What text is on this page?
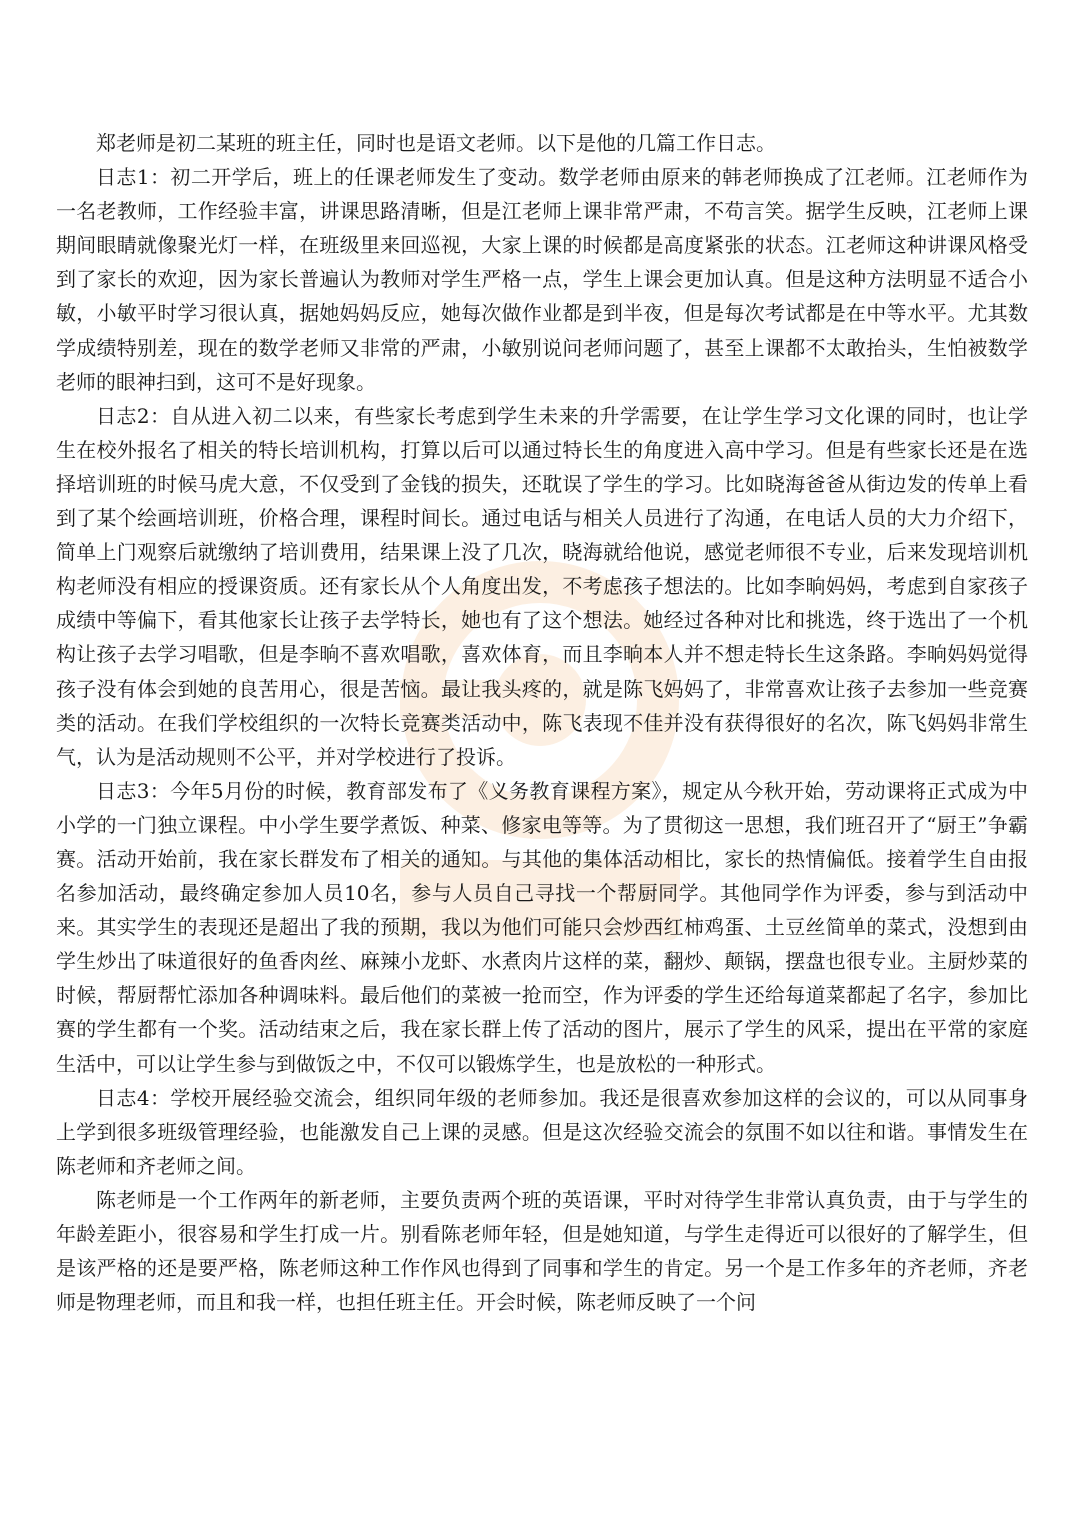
郑老师是初二某班的班主任，同时也是语文老师。以下是他的几篇工作日志。

日志1：初二开学后，班上的任课老师发生了变动。数学老师由原来的韩老师换成了江老师。江老师作为一名老教师，工作经验丰富，讲课思路清晰，但是江老师上课非常严肃，不苟言笑。据学生反映，江老师上课期间眼睛就像聚光灯一样，在班级里来回巡视，大家上课的时候都是高度紧张的状态。江老师这种讲课风格受到了家长的欢迎，因为家长普遍认为教师对学生严格一点，学生上课会更加认真。但是这种方法明显不适合小敏，小敏平时学习很认真，据她妈妈反应，她每次做作业都是到半夜，但是每次考试都是在中等水平。尤其数学成绩特别差，现在的数学老师又非常的严肃，小敏别说问老师问题了，甚至上课都不太敢抬头，生怕被数学老师的眼神扫到，这可不是好现象。

日志2：自从进入初二以来，有些家长考虑到学生未来的升学需要，在让学生学习文化课的同时，也让学生在校外报名了相关的特长培训机构，打算以后可以通过特长生的角度进入高中学习。但是有些家长还是在选择培训班的时候马虎大意，不仅受到了金钱的损失，还耽误了学生的学习。比如晓海爸爸从街边发的传单上看到了某个绘画培训班，价格合理，课程时间长。通过电话与相关人员进行了沟通，在电话人员的大力介绍下，简单上门观察后就缴纳了培训费用，结果课上没了几次，晓海就给他说，感觉老师很不专业，后来发现培训机构老师没有相应的授课资质。还有家长从个人角度出发，不考虑孩子想法的。比如李晌妈妈，考虑到自家孩子成绩中等偏下，看其他家长让孩子去学特长，她也有了这个想法。她经过各种对比和挑选，终于选出了一个机构让孩子去学习唱歌，但是李晌不喜欢唱歌，喜欢体育，而且李晌本人并不想走特长生这条路。李晌妈妈觉得孩子没有体会到她的良苦用心，很是苦恼。最让我头疼的，就是陈飞妈妈了，非常喜欢让孩子去参加一些竞赛类的活动。在我们学校组织的一次特长竞赛类活动中，陈飞表现不佳并没有获得很好的名次，陈飞妈妈非常生气，认为是活动规则不公平，并对学校进行了投诉。

日志3：今年5月份的时候，教育部发布了《义务教育课程方案》，规定从今秋开始，劳动课将正式成为中小学的一门独立课程。中小学生要学煮饭、种菜、修家电等等。为了贯彻这一思想，我们班召开了“厨王”争霸赛。活动开始前，我在家长群发布了相关的通知。与其他的集体活动相比，家长的热情偏低。接着学生自由报名参加活动，最终确定参加人员10名，参与人员自己寻找一个帮厨同学。其他同学作为评委，参与到活动中来。其实学生的表现还是超出了我的预期，我以为他们可能只会炒西红柿鸡蛋、土豆丝简单的菜式，没想到由学生炒出了味道很好的鱼香肉丝、麻辣小龙虾、水煮肉片这样的菜，翻炒、颠锅，摆盘也很专业。主厨炒菜的时候，帮厨帮忙添加各种调味料。最后他们的菜被一抢而空，作为评委的学生还给每道菜都起了名字，参加比赛的学生都有一个奖。活动结束之后，我在家长群上传了活动的图片，展示了学生的风采，提出在平常的家庭生活中，可以让学生参与到做饭之中，不仅可以锻炼学生，也是放松的一种形式。

日志4：学校开展经验交流会，组织同年级的老师参加。我还是很喜欢参加这样的会议的，可以从同事身上学到很多班级管理经验，也能激发自己上课的灵感。但是这次经验交流会的氛围不如以往和谐。事情发生在陈老师和齐老师之间。

陈老师是一个工作两年的新老师，主要负责两个班的英语课，平时对待学生非常认真负责，由于与学生的年龄差距小，很容易和学生打成一片。别看陈老师年轻，但是她知道，与学生走得近可以很好的了解学生，但是该严格的还是要严格，陈老师这种工作作风也得到了同事和学生的肯定。另一个是工作多年的齐老师，齐老师是物理老师，而且和我一样，也担任班主任。开会时候，陈老师反映了一个问
